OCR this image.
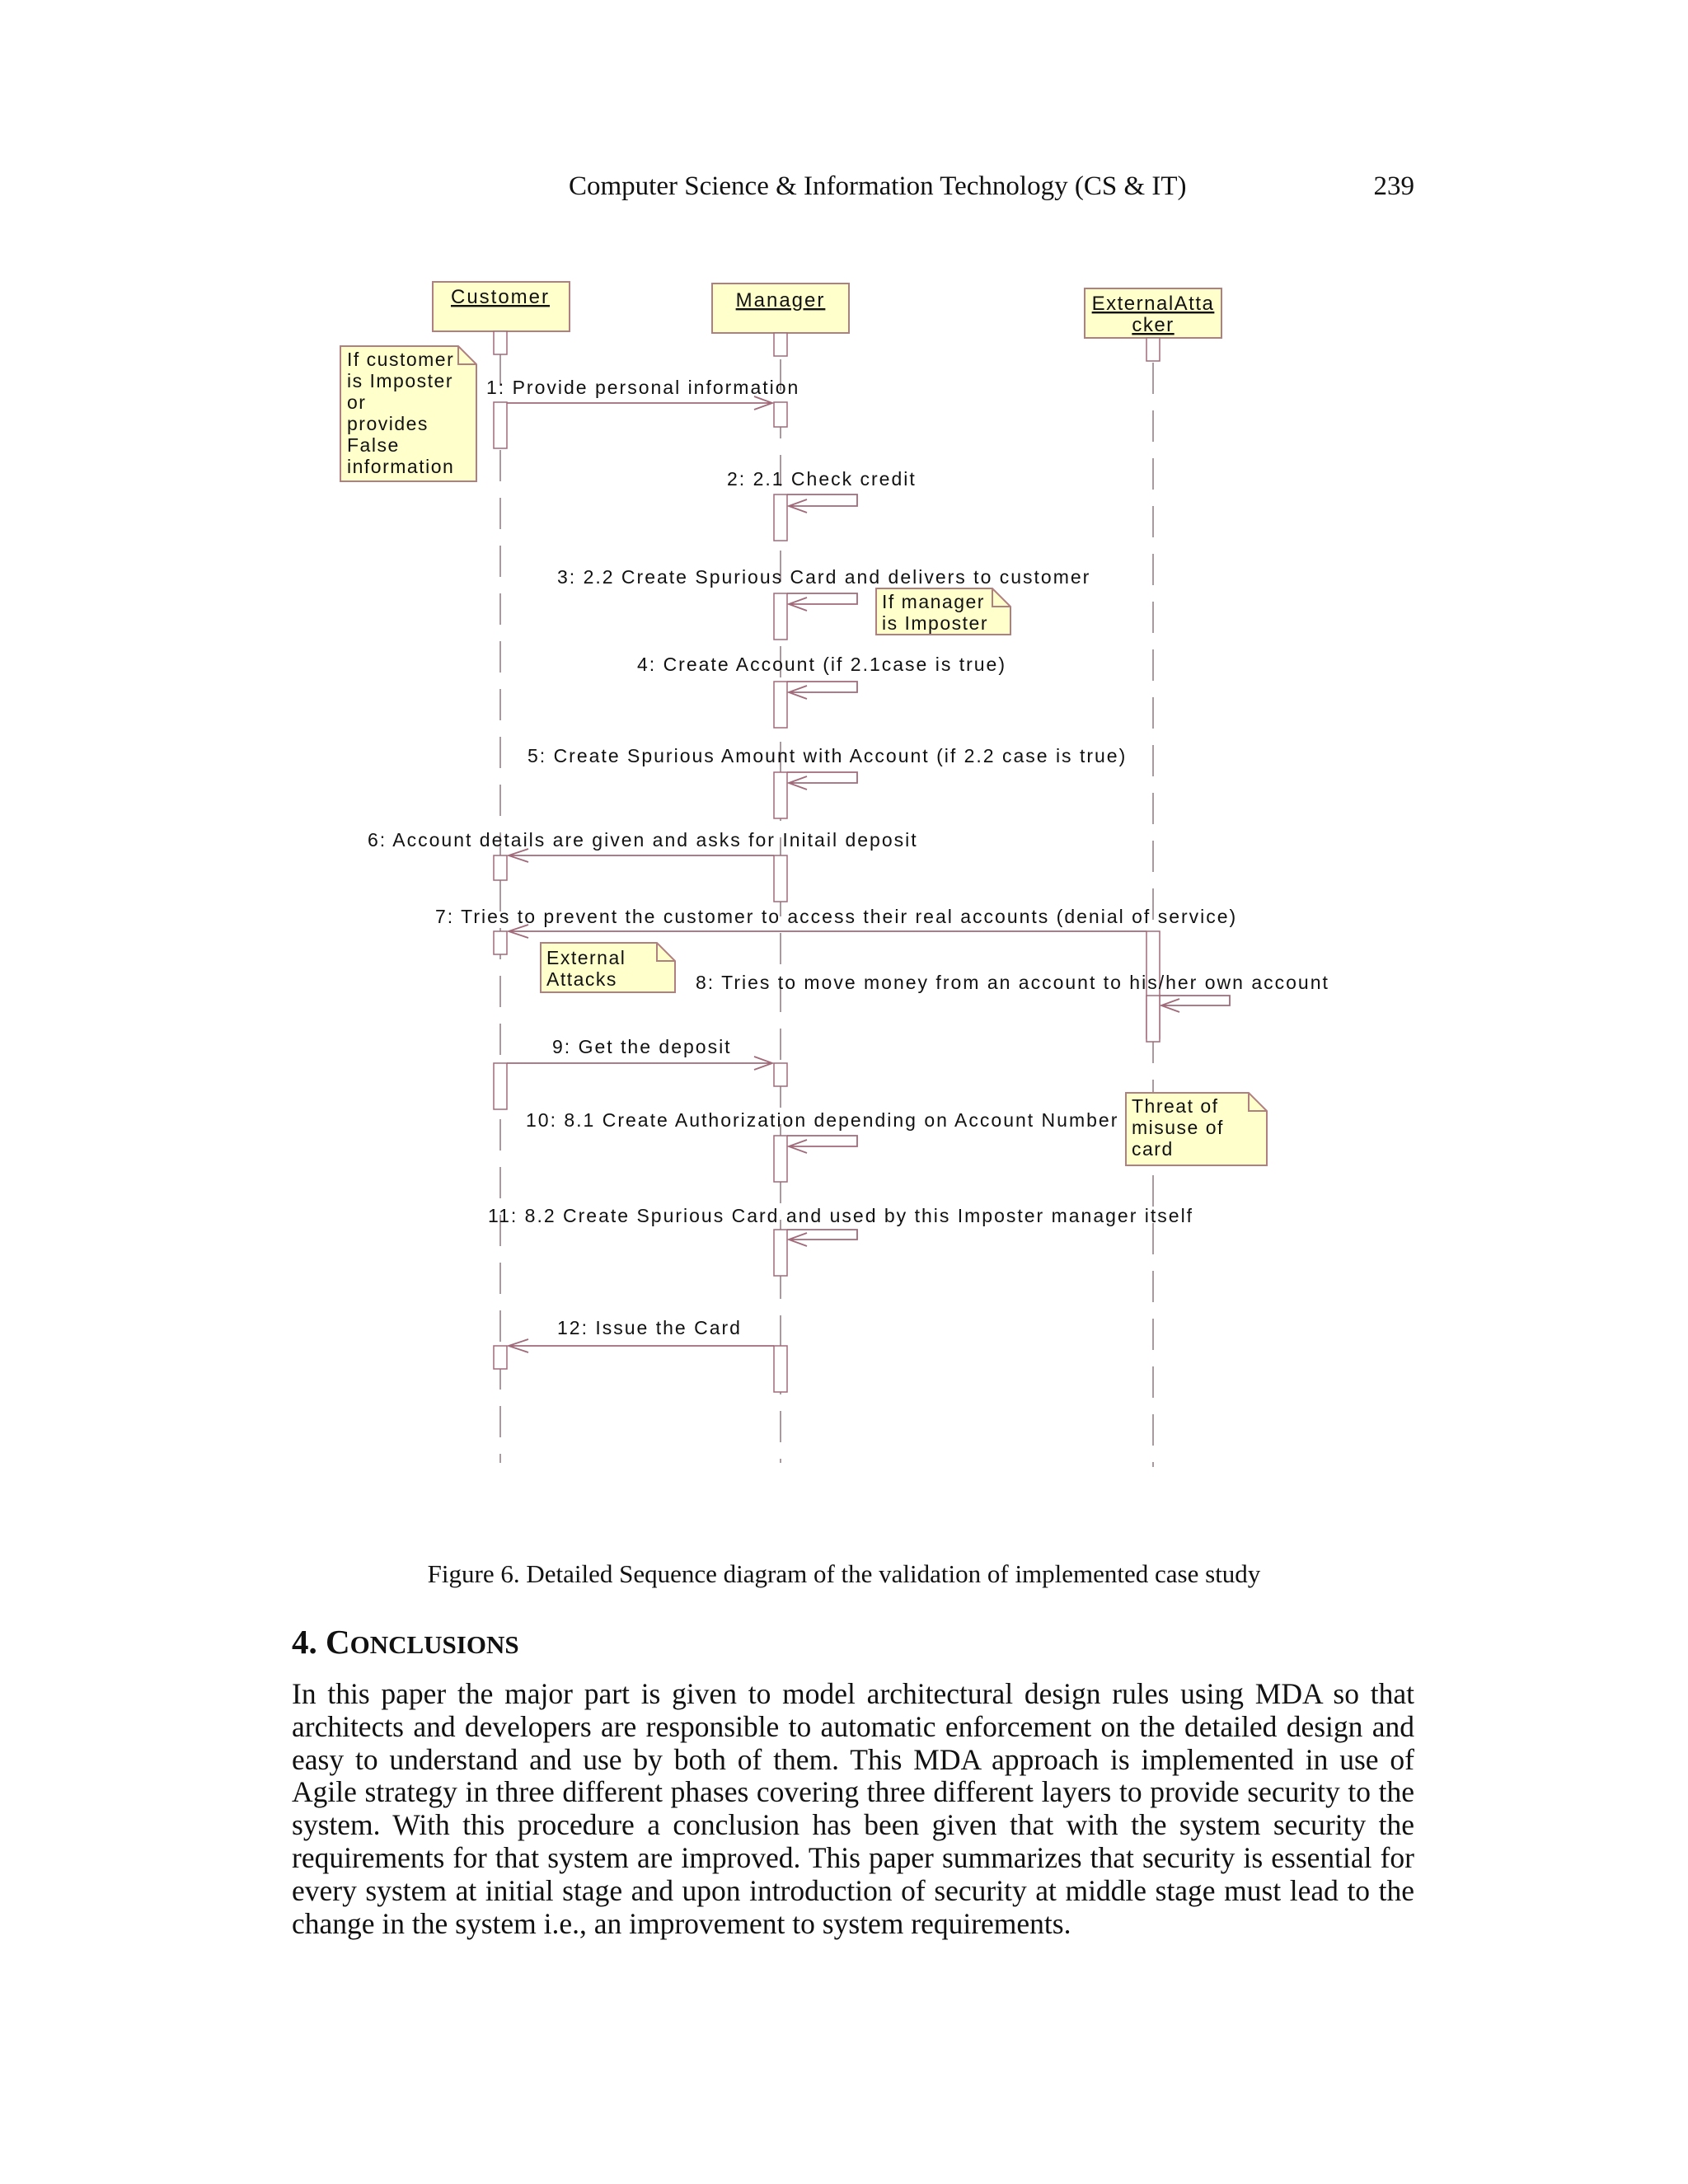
Computer Science & Information Technology (CS & IT)	239
Customer	Manager	ExternalAtta
cker
1: Provide personal information
2: 2.1 Check credit
3: 2.2 Create Spurious Card and delivers to customer
4: Create Account (if 2.1case is true)
5: Create Spurious Amount with Account (if 2.2 case is true)
6: Account details are given and asks for Initail deposit
7: Tries to prevent the customer to access their real accounts (denial of service)
8: Tries to move money from an account to his/her own account
9: Get the deposit
10: 8.1 Create Authorization depending on Account Number
11: 8.2 Create Spurious Card and used by this Imposter manager itself
12: Issue the Card
If customer
is Imposter
or
provides
False
information
If manager
is Imposter
External
Attacks
Threat of
misuse of
card
Figure 6. Detailed Sequence diagram of the validation of implemented case study
4. CONCLUSIONS

In this paper the major part is given to model architectural design rules using MDA so that architects and developers are responsible to automatic enforcement on the detailed design and easy to understand and use by both of them. This MDA approach is implemented in use of Agile strategy in three different phases covering three different layers to provide security to the system. With this procedure a conclusion has been given that with the system security the requirements for that system are improved. This paper summarizes that security is essential for every system at initial stage and upon introduction of security at middle stage must lead to the change in the system i.e., an improvement to system requirements.
